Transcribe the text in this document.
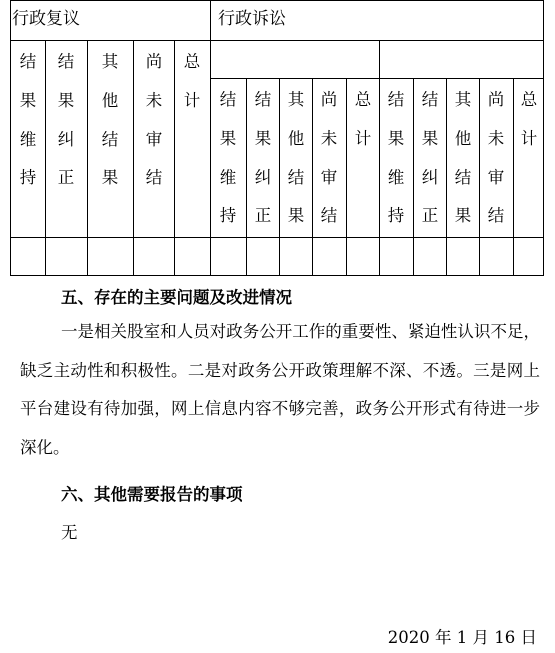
行政复议	行政诉讼
结
果
维
持
结
果
纠
正
其
他
结
果
尚
未
审
结
总
计	结
果
维
持
结
果
纠
正
其
他
结
果
尚
未
审
结
总
计
结
果
维
持
结
果
纠
正
其
他
结
果
尚
未
审
结
总
计
五、存在的主要问题及改进情况
一是相关股室和人员对政务公开工作的重要性、紧迫性认识不足，缺乏主动性和积极性。二是对政务公开政策理解不深、不透。三是网上平台建设有待加强，网上信息内容不够完善，政务公开形式有待进一步深化。
六、其他需要报告的事项
无
2020 年 1 月 16 日
